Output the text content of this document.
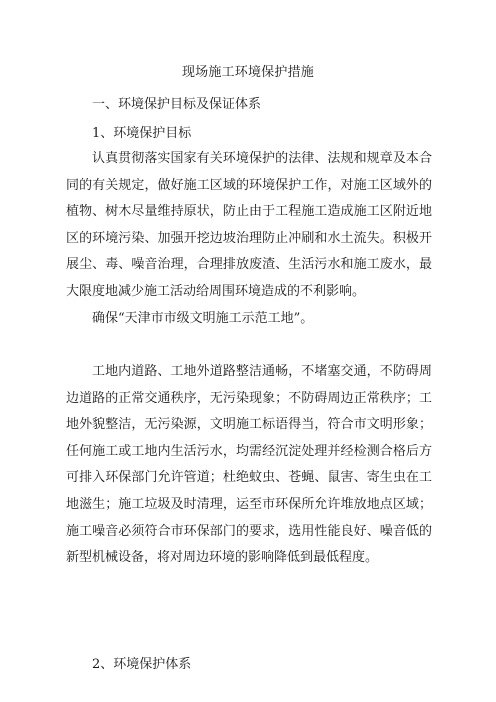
现场施工环境保护措施
一、环境保护目标及保证体系
1、环境保护目标
认真贯彻落实国家有关环境保护的法律、法规和规章及本合同的有关规定，做好施工区域的环境保护工作，对施工区域外的植物、树木尽量维持原状，防止由于工程施工造成施工区附近地区的环境污染、加强开挖边坡治理防止冲刷和水土流失。积极开展尘、毒、噪音治理，合理排放废渣、生活污水和施工废水，最大限度地减少施工活动给周围环境造成的不利影响。
确保“天津市市级文明施工示范工地”。
工地内道路、工地外道路整洁通畅，不堵塞交通，不防碍周边道路的正常交通秩序，无污染现象；不防碍周边正常秩序；工地外貌整洁，无污染源，文明施工标语得当，符合市文明形象；任何施工或工地内生活污水，均需经沉淀处理并经检测合格后方可排入环保部门允许管道；杜绝蚊虫、苍蝇、鼠害、寄生虫在工地滋生；施工垃圾及时清理，运至市环保所允许堆放地点区域；施工噪音必须符合市环保部门的要求，选用性能良好、噪音低的新型机械设备，将对周边环境的影响降低到最低程度。
2、环境保护体系
